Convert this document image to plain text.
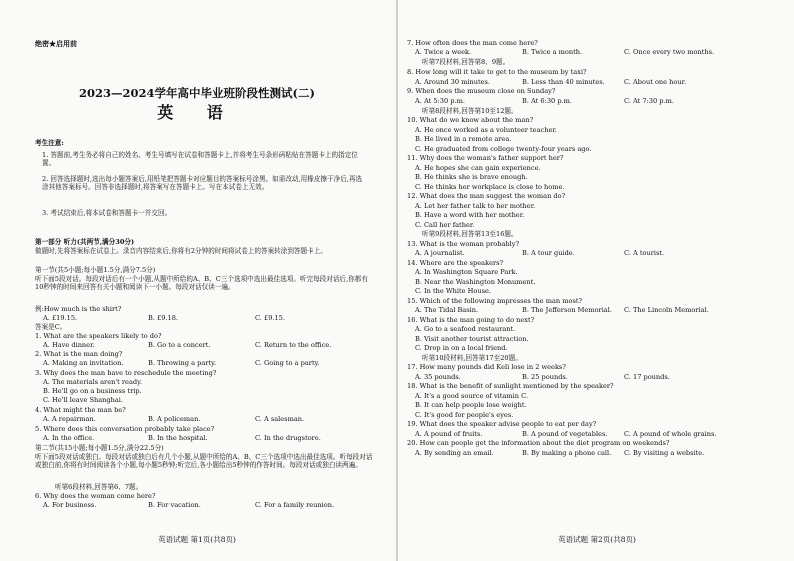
绝密★启用前
2023—2024学年高中毕业班阶段性测试(二)
英 语
考生注意:
1. 答题前,考生务必将自己的姓名、考生号填写在试卷和答题卡上,并将考生号条形码粘贴在答题卡上的指定位置。
2. 回答选择题时,选出每小题答案后,用铅笔把答题卡对应题目的答案标号涂黑。如需改动,用橡皮擦干净后,再选涂其他答案标号。回答非选择题时,将答案写在答题卡上。写在本试卷上无效。
3. 考试结束后,将本试卷和答题卡一并交回。
第一部分 听力(共两节,满分30分)
做题时,先将答案标在试卷上。录音内容结束后,你将有2分钟的时间将试卷上的答案转涂到答题卡上。
第一节(共5小题;每小题1.5分,满分7.5分)
听下面5段对话。每段对话后有一个小题,从题中所给的A、B、C三个选项中选出最佳选项。听完每段对话后,你都有10秒钟的时间来回答有关小题和阅读下一小题。每段对话仅读一遍。
例:How much is the shirt?
A. £19.15.	B. £9.18.	C. £9.15.
答案是C。
1. What are the speakers likely to do?
A. Have dinner.	B. Go to a concert.	C. Return to the office.
2. What is the man doing?
A. Making an invitation.	B. Throwing a party.	C. Going to a party.
3. Why does the man have to reschedule the meeting?
A. The materials aren't ready.
B. He'll go on a business trip.
C. He'll leave Shanghai.
4. What might the man be?
A. A repairman.	B. A policeman.	C. A salesman.
5. Where does this conversation probably take place?
A. In the office.	B. In the hospital.	C. In the drugstore.
第二节(共15小题;每小题1.5分,满分22.5分)
听下面5段对话或独白。每段对话或独白后有几个小题,从题中所给的A、B、C三个选项中选出最佳选项。听每段对话或独白前,你将有时间阅读各个小题,每小题5秒钟;听完后,各小题给出5秒钟的作答时间。每段对话或独白读两遍。
听第6段材料,回答第6、7题。
6. Why does the woman come here?
A. For business.	B. For vacation.	C. For a family reunion.
英语试题 第1页(共8页)
7. How often does the man come here?
A. Twice a week.	B. Twice a month.	C. Once every two months.
听第7段材料,回答第8、9题。
8. How long will it take to get to the museum by taxi?
A. Around 30 minutes.	B. Less than 40 minutes.	C. About one hour.
9. When does the museum close on Sunday?
A. At 5:30 p.m.	B. At 6:30 p.m.	C. At 7:30 p.m.
听第8段材料,回答第10至12题。
10. What do we know about the man?
A. He once worked as a volunteer teacher.
B. He lived in a remote area.
C. He graduated from college twenty-four years ago.
11. Why does the woman's father support her?
A. He hopes she can gain experience.
B. He thinks she is brave enough.
C. He thinks her workplace is close to home.
12. What does the man suggest the woman do?
A. Let her father talk to her mother.
B. Have a word with her mother.
C. Call her father.
听第9段材料,回答第13至16题。
13. What is the woman probably?
A. A journalist.	B. A tour guide.	C. A tourist.
14. Where are the speakers?
A. In Washington Square Park.
B. Near the Washington Monument.
C. In the White House.
15. Which of the following impresses the man most?
A. The Tidal Basin.	B. The Jefferson Memorial. C. The Lincoln Memorial.
16. What is the man going to do next?
A. Go to a seafood restaurant.
B. Visit another tourist attraction.
C. Drop in on a local friend.
听第10段材料,回答第17至20题。
17. How many pounds did Keli lose in 2 weeks?
A. 35 pounds.	B. 25 pounds.	C. 17 pounds.
18. What is the benefit of sunlight mentioned by the speaker?
A. It's a good source of vitamin C.
B. It can help people lose weight.
C. It's good for people's eyes.
19. What does the speaker advise people to eat per day?
A. A pound of fruits.	B. A pound of vegetables.	C. A pound of whole grains.
20. How can people get the information about the diet program on weekends?
A. By sending an email.	B. By making a phone call. C. By visiting a website.
英语试题 第2页(共8页)
